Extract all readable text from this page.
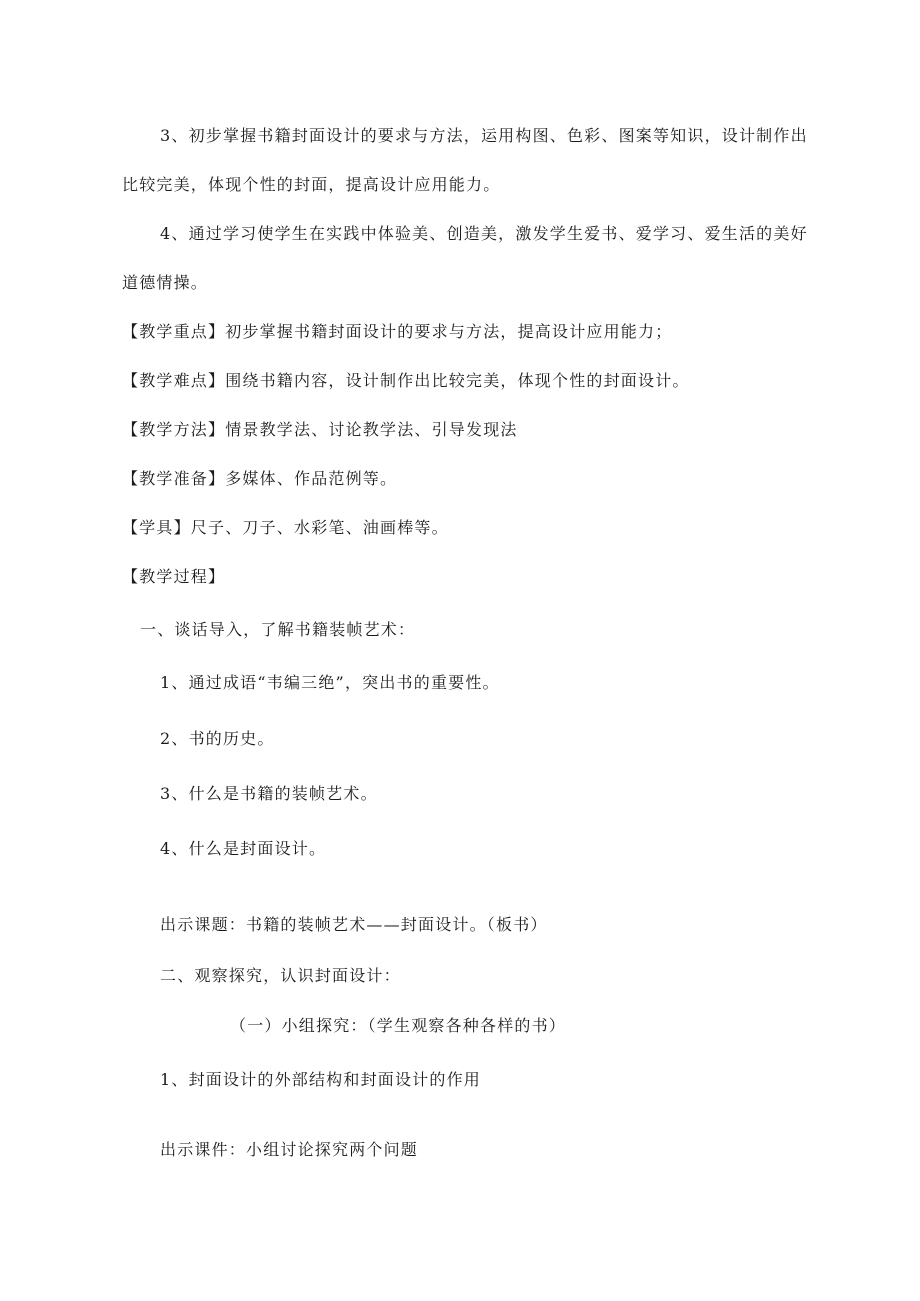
3、初步掌握书籍封面设计的要求与方法，运用构图、色彩、图案等知识，设计制作出
比较完美，体现个性的封面，提高设计应用能力。
4、通过学习使学生在实践中体验美、创造美，激发学生爱书、爱学习、爱生活的美好
道德情操。
【教学重点】初步掌握书籍封面设计的要求与方法，提高设计应用能力；
【教学难点】围绕书籍内容，设计制作出比较完美，体现个性的封面设计。
【教学方法】情景教学法、讨论教学法、引导发现法
【教学准备】多媒体、作品范例等。
【学具】尺子、刀子、水彩笔、油画棒等。
【教学过程】
一、谈话导入，了解书籍装帧艺术：
1、通过成语“韦编三绝”，突出书的重要性。
2、书的历史。
3、什么是书籍的装帧艺术。
4、什么是封面设计。
出示课题：书籍的装帧艺术——封面设计。（板书）
二、观察探究，认识封面设计：
（一）小组探究：（学生观察各种各样的书）
1、封面设计的外部结构和封面设计的作用
出示课件：小组讨论探究两个问题
